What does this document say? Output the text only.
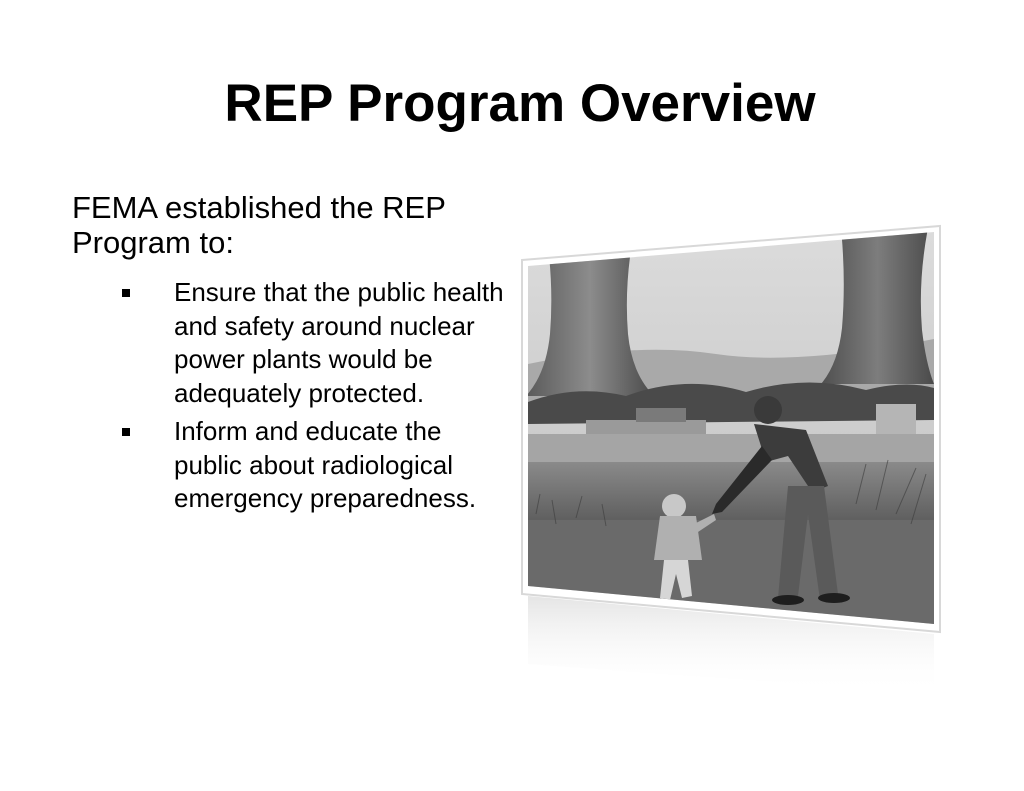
REP Program Overview

FEMA established the REP Program to:

Ensure that the public health and safety around nuclear power plants would be adequately protected.
Inform and educate the public about radiological emergency preparedness.
